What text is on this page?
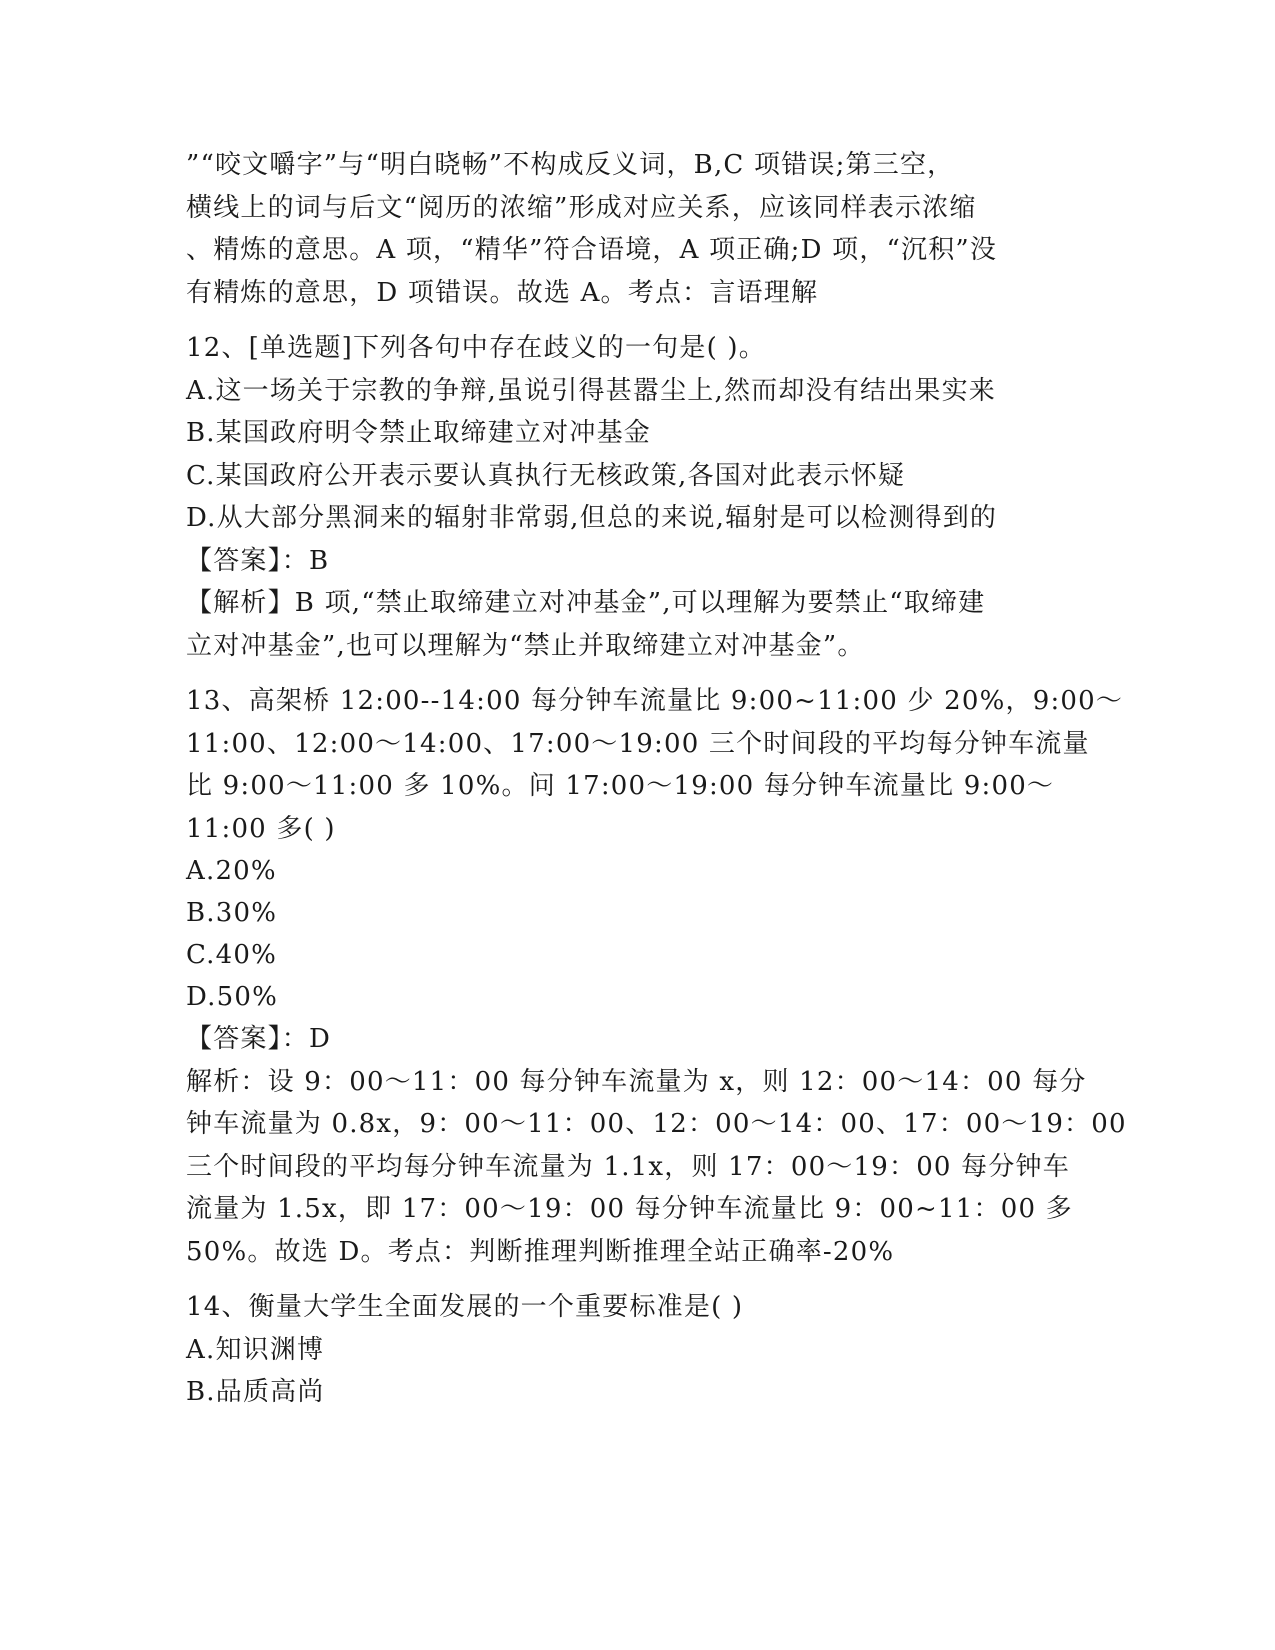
”“咬文嚼字”与“明白晓畅”不构成反义词，B,C 项错误;第三空，
横线上的词与后文“阅历的浓缩”形成对应关系，应该同样表示浓缩
、精炼的意思。A 项，“精华”符合语境，A 项正确;D 项，“沉积”没
有精炼的意思，D 项错误。故选 A。考点：言语理解
12、[单选题]下列各句中存在歧义的一句是( )。
A.这一场关于宗教的争辩,虽说引得甚嚣尘上,然而却没有结出果实来
B.某国政府明令禁止取缔建立对冲基金
C.某国政府公开表示要认真执行无核政策,各国对此表示怀疑
D.从大部分黑洞来的辐射非常弱,但总的来说,辐射是可以检测得到的
【答案】：B
【解析】B 项,“禁止取缔建立对冲基金”,可以理解为要禁止“取缔建
立对冲基金”,也可以理解为“禁止并取缔建立对冲基金”。
13、高架桥 12:00--14:00 每分钟车流量比 9:00~11:00 少 20%，9:00～
11:00、12:00～14:00、17:00～19:00 三个时间段的平均每分钟车流量
比 9:00～11:00 多 10%。问 17:00～19:00 每分钟车流量比 9:00～
11:00 多( )
A.20%
B.30%
C.40%
D.50%
【答案】：D
解析：设 9：00～11：00 每分钟车流量为 x，则 12：00～14：00 每分
钟车流量为 0.8x，9：00～11：00、12：00～14：00、17：00～19：00
三个时间段的平均每分钟车流量为 1.1x，则 17：00～19：00 每分钟车
流量为 1.5x，即 17：00～19：00 每分钟车流量比 9：00~11：00 多
50%。故选 D。考点：判断推理判断推理全站正确率-20%
14、衡量大学生全面发展的一个重要标准是( )
A.知识渊博
B.品质高尚
